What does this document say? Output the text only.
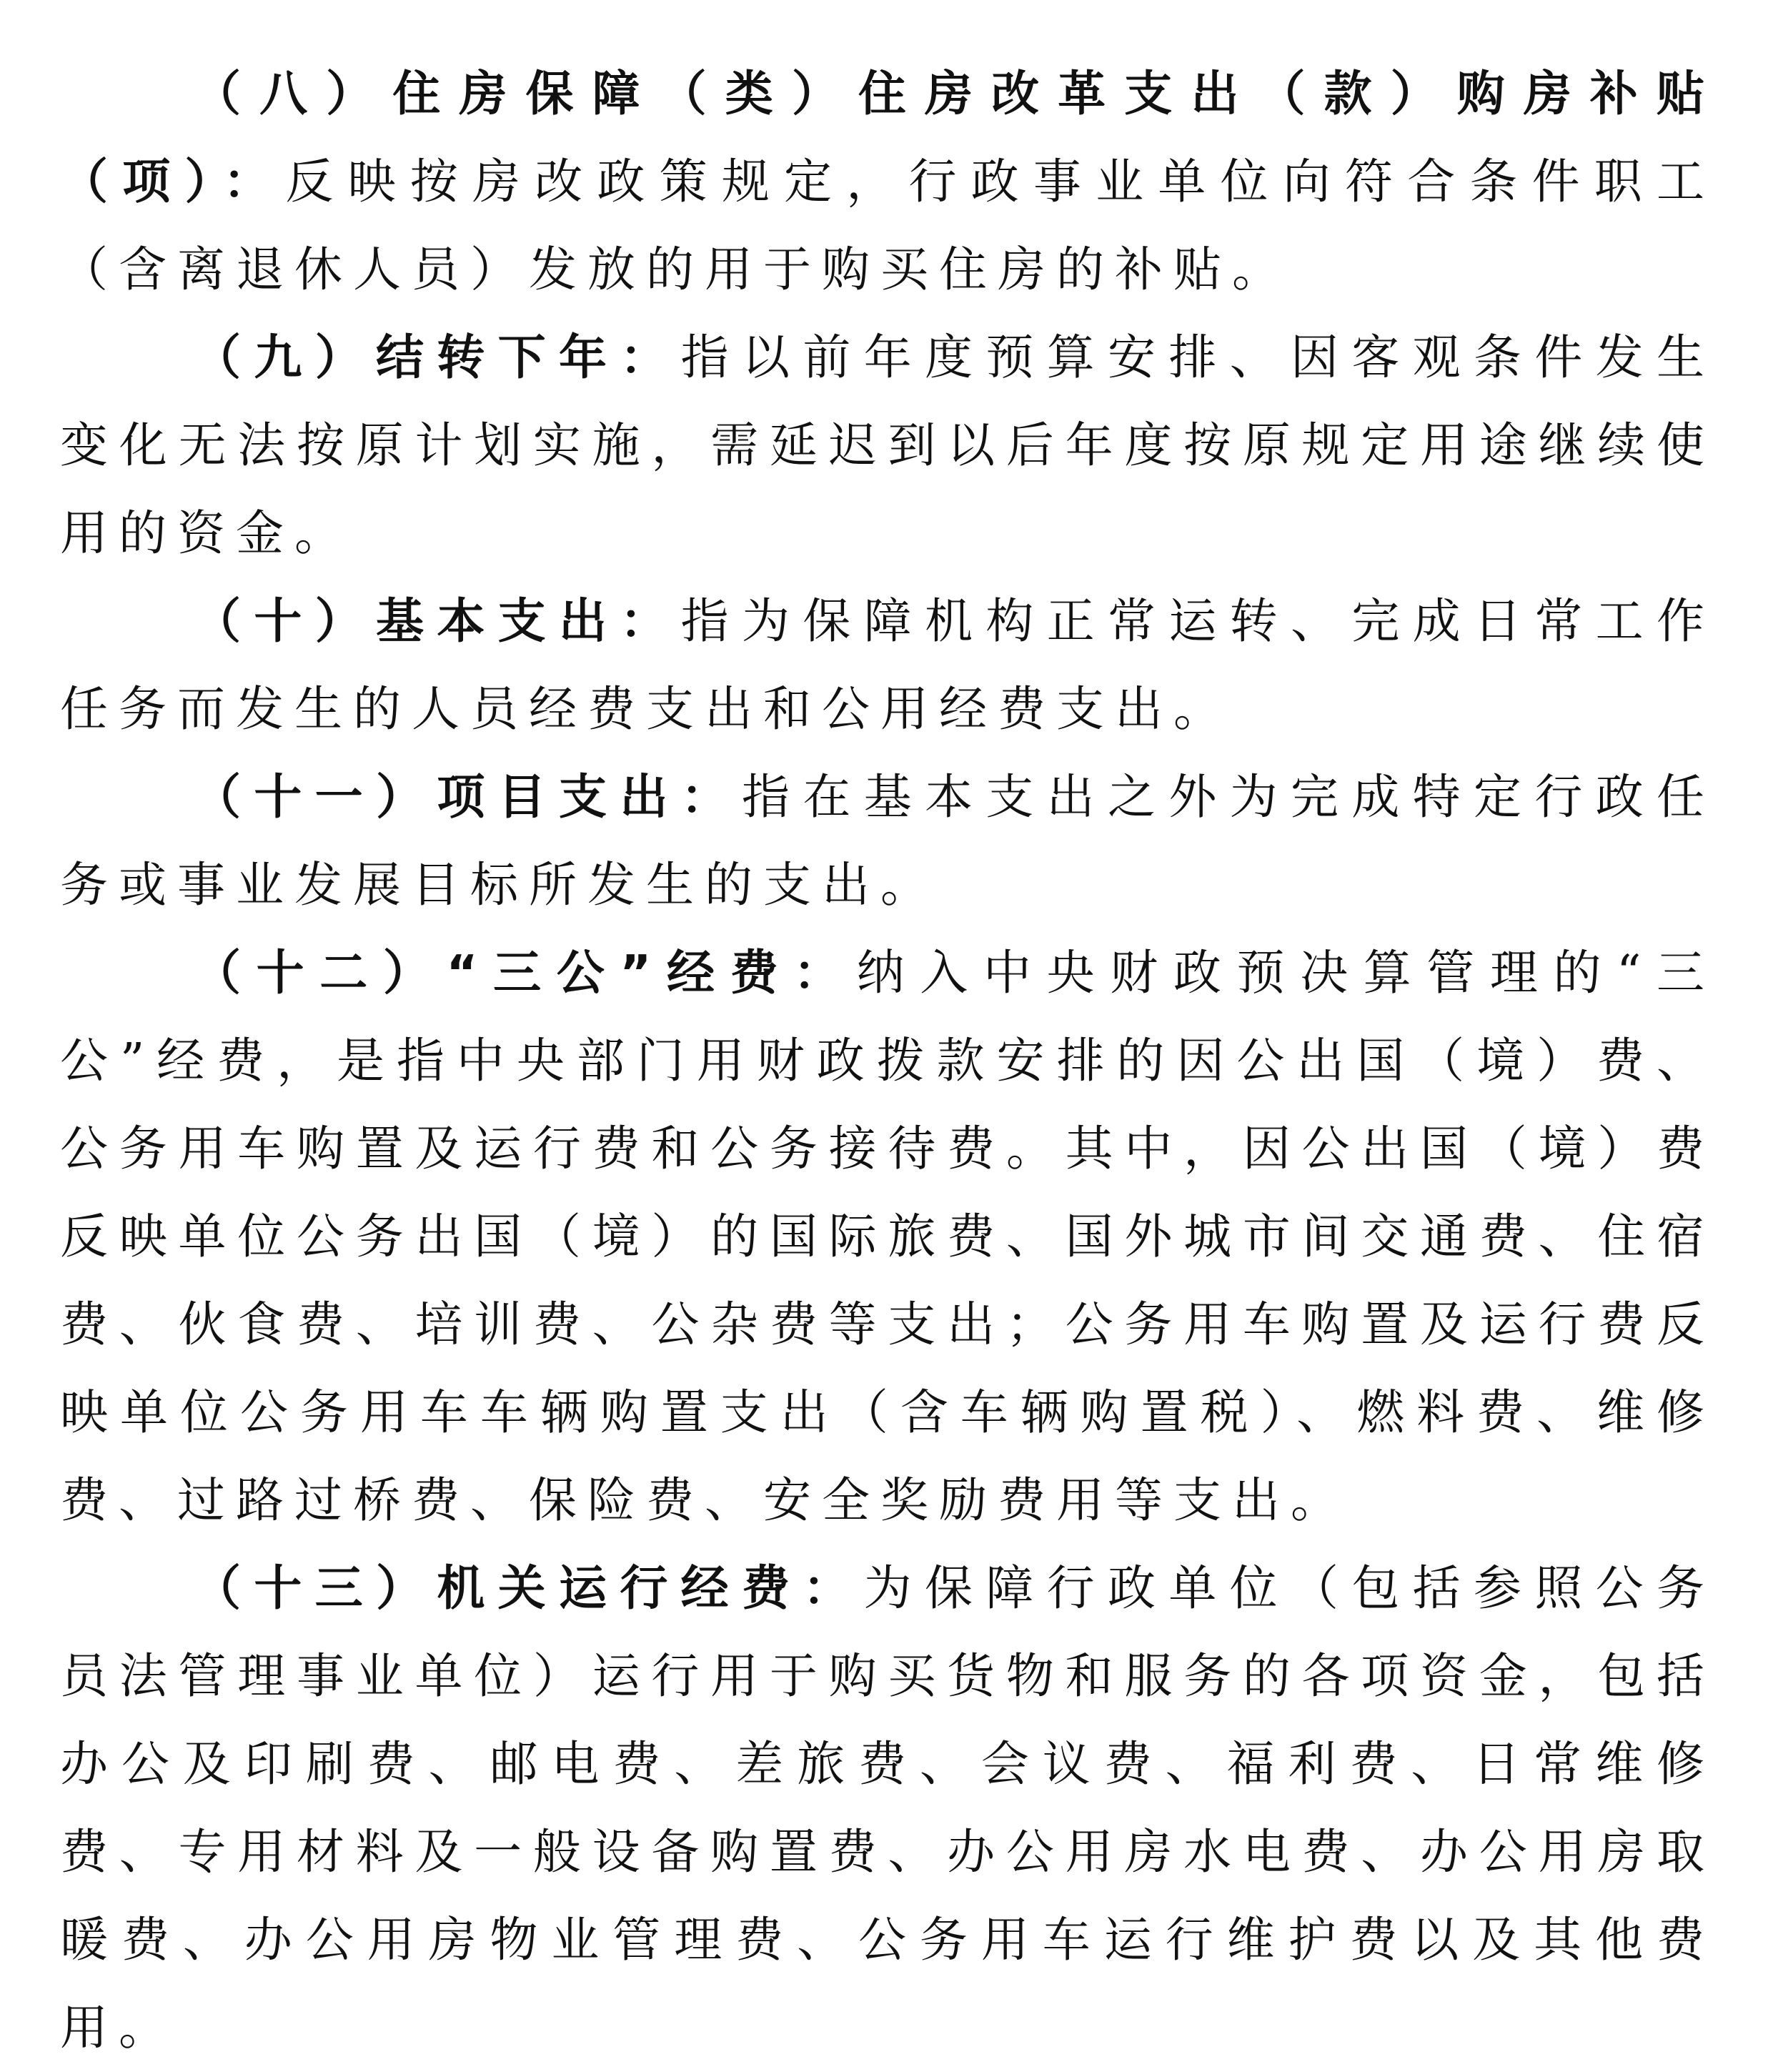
（八）住房保障（类）住房改革支出（款）购房补贴（项）：反映按房改政策规定，行政事业单位向符合条件职工（含离退休人员）发放的用于购买住房的补贴。

（九）结转下年：指以前年度预算安排、因客观条件发生变化无法按原计划实施，需延迟到以后年度按原规定用途继续使用的资金。

（十）基本支出：指为保障机构正常运转、完成日常工作任务而发生的人员经费支出和公用经费支出。

（十一）项目支出：指在基本支出之外为完成特定行政任务或事业发展目标所发生的支出。

（十二）“三公”经费：纳入中央财政预决算管理的“三公”经费，是指中央部门用财政拨款安排的因公出国（境）费、公务用车购置及运行费和公务接待费。其中，因公出国（境）费反映单位公务出国（境）的国际旅费、国外城市间交通费、住宿费、伙食费、培训费、公杂费等支出；公务用车购置及运行费反映单位公务用车车辆购置支出（含车辆购置税）、燃料费、维修费、过路过桥费、保险费、安全奖励费用等支出。

（十三）机关运行经费：为保障行政单位（包括参照公务员法管理事业单位）运行用于购买货物和服务的各项资金，包括办公及印刷费、邮电费、差旅费、会议费、福利费、日常维修费、专用材料及一般设备购置费、办公用房水电费、办公用房取暖费、办公用房物业管理费、公务用车运行维护费以及其他费用。
